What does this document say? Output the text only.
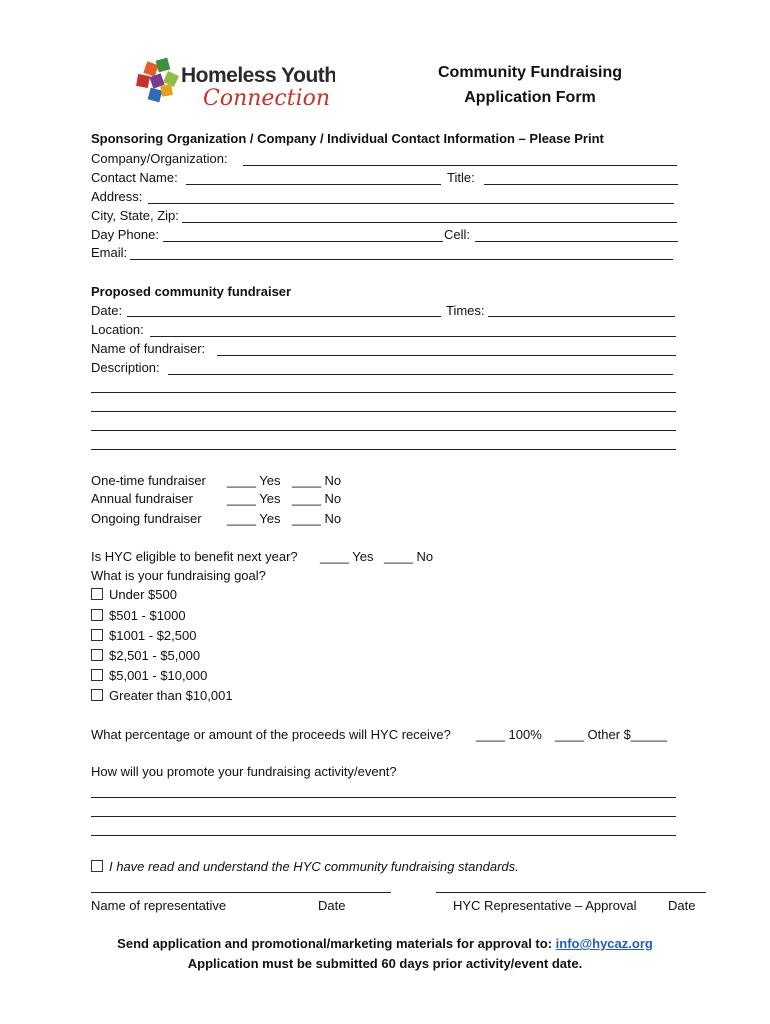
Homeless Youth
Connection
Community Fundraising
Application Form
Sponsoring Organization / Company / Individual Contact Information – Please Print
Company/Organization:
Contact Name:	Title:
Address:
City, State, Zip:
Day Phone:	Cell:
Email:
Proposed community fundraiser
Date:	Times:
Location:
Name of fundraiser:
Description:
One-time fundraiser ____ Yes ____ No
Annual fundraiser	____ Yes ____ No
Ongoing fundraiser ____ Yes ____ No
Is HYC eligible to benefit next year? ____ Yes ____ No
What is your fundraising goal?
Under $500
$501 - $1000
$1001 - $2,500
$2,501 - $5,000
$5,001 - $10,000
Greater than $10,001
What percentage or amount of the proceeds will HYC receive? ____ 100% ____ Other $_____
How will you promote your fundraising activity/event?
I have read and understand the HYC community fundraising standards.
Name of representative	Date	HYC Representative – Approval Date
Send application and promotional/marketing materials for approval to: info@hycaz.org
Application must be submitted 60 days prior activity/event date.
